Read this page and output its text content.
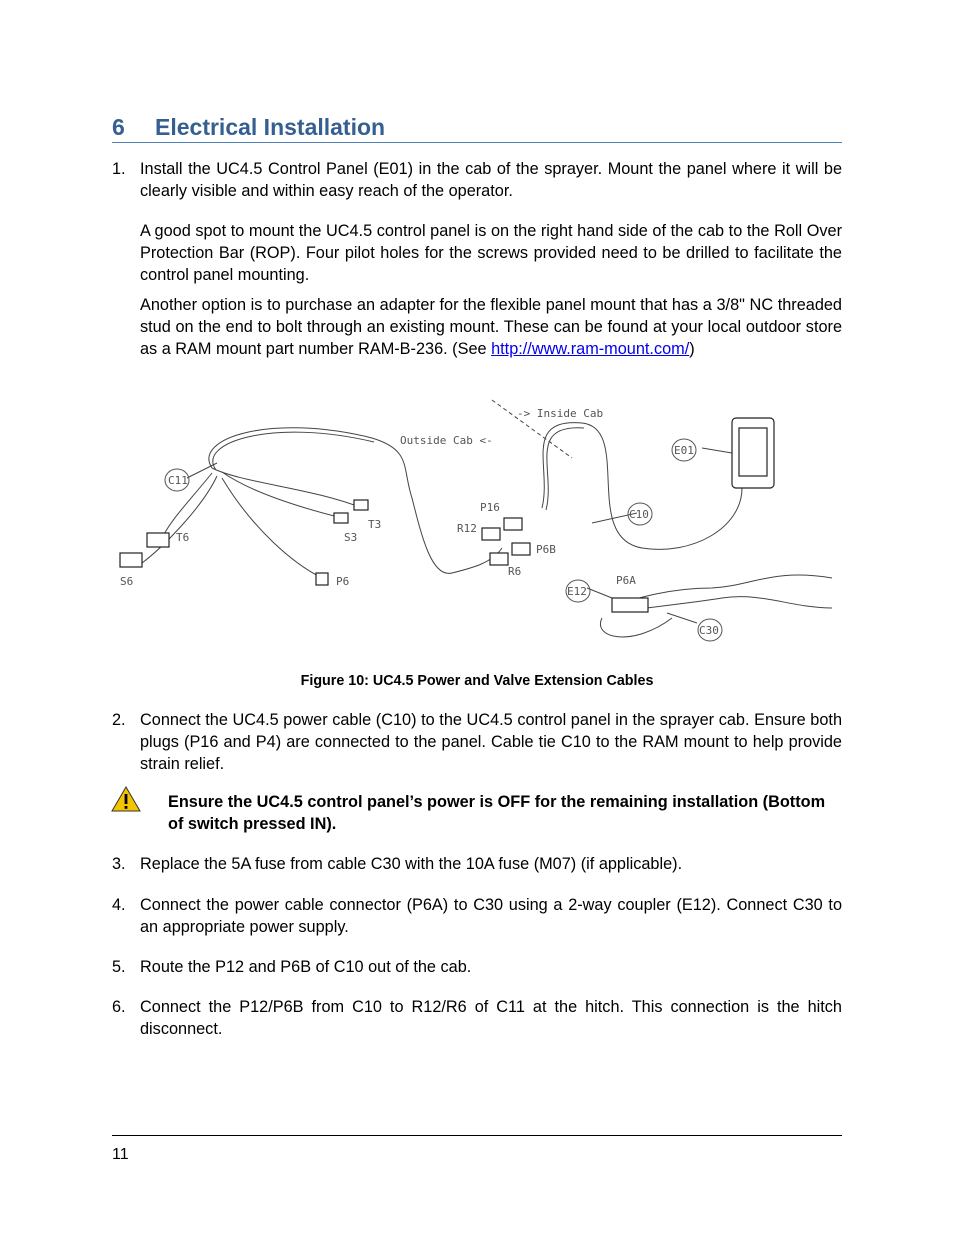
6 Electrical Installation
1. Install the UC4.5 Control Panel (E01) in the cab of the sprayer. Mount the panel where it will be clearly visible and within easy reach of the operator.
A good spot to mount the UC4.5 control panel is on the right hand side of the cab to the Roll Over Protection Bar (ROP). Four pilot holes for the screws provided need to be drilled to facilitate the control panel mounting.
Another option is to purchase an adapter for the flexible panel mount that has a 3/8" NC threaded stud on the end to bolt through an existing mount. These can be found at your local outdoor store as a RAM mount part number RAM-B-236. (See http://www.ram-mount.com/)
-> Inside Cab
Outside Cab <-
C11
T6
S6
S3
T3
P6
P16
R12
P6B
R6
E01
C10
E12
P6A
C30
Figure 10: UC4.5 Power and Valve Extension Cables
2. Connect the UC4.5 power cable (C10) to the UC4.5 control panel in the sprayer cab. Ensure both plugs (P16 and P4) are connected to the panel. Cable tie C10 to the RAM mount to help provide strain relief.
Ensure the UC4.5 control panel’s power is OFF for the remaining installation (Bottom of switch pressed IN).
3. Replace the 5A fuse from cable C30 with the 10A fuse (M07) (if applicable).
4. Connect the power cable connector (P6A) to C30 using a 2-way coupler (E12). Connect C30 to an appropriate power supply.
5. Route the P12 and P6B of C10 out of the cab.
6. Connect the P12/P6B from C10 to R12/R6 of C11 at the hitch. This connection is the hitch disconnect.
11
